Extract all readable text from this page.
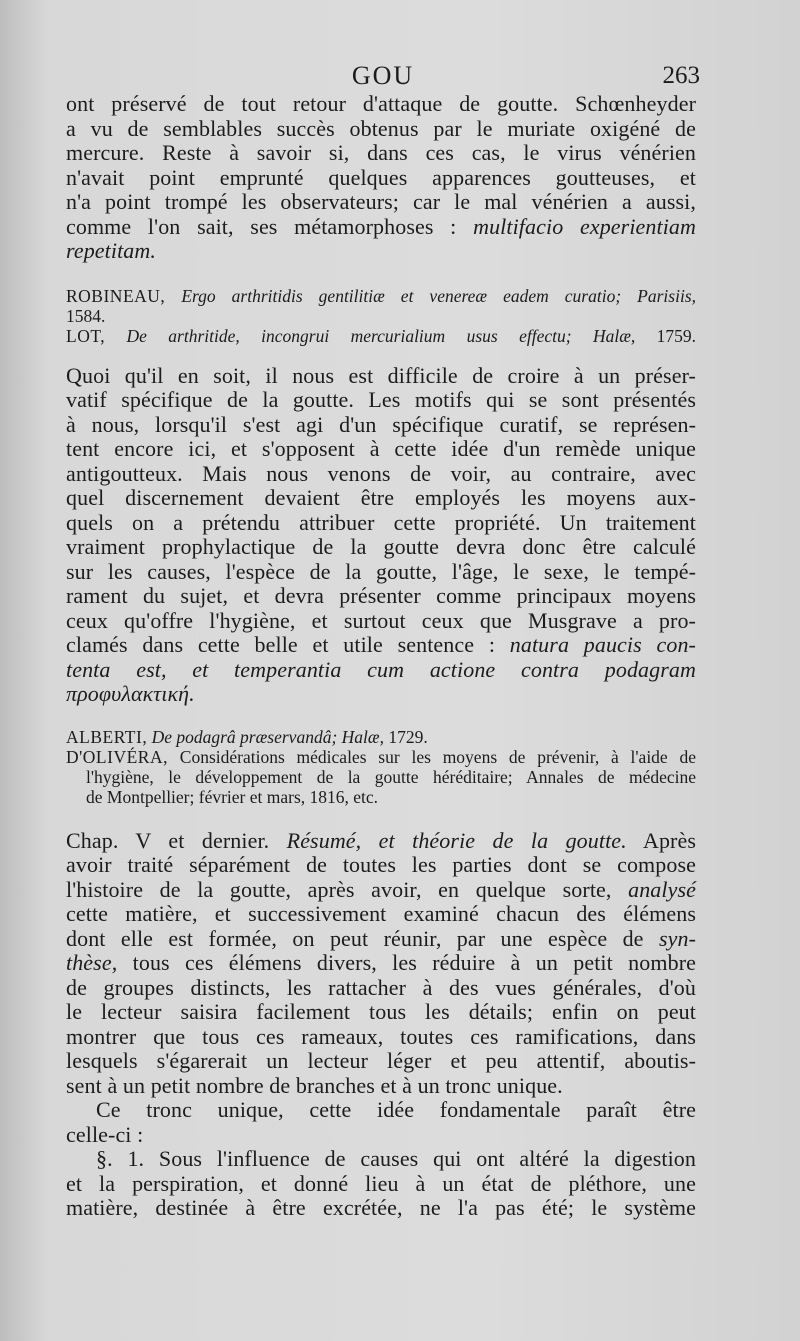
GOU	263
ont préservé de tout retour d'attaque de goutte. Schœnheyder
a vu de semblables succès obtenus par le muriate oxigéné de
mercure. Reste à savoir si, dans ces cas, le virus vénérien
n'avait point emprunté quelques apparences goutteuses, et
n'a point trompé les observateurs; car le mal vénérien a aussi,
comme l'on sait, ses métamorphoses : multifacio experientiam
repetitam.
ROBINEAU, Ergo arthritidis gentilitiæ et venereæ eadem curatio; Parisiis,
1584.
LOT, De arthritide, incongrui mercurialium usus effectu; Halæ, 1759.
Quoi qu'il en soit, il nous est difficile de croire à un préser-
vatif spécifique de la goutte. Les motifs qui se sont présentés
à nous, lorsqu'il s'est agi d'un spécifique curatif, se représen-
tent encore ici, et s'opposent à cette idée d'un remède unique
antigoutteux. Mais nous venons de voir, au contraire, avec
quel discernement devaient être employés les moyens aux-
quels on a prétendu attribuer cette propriété. Un traitement
vraiment prophylactique de la goutte devra donc être calculé
sur les causes, l'espèce de la goutte, l'âge, le sexe, le tempé-
rament du sujet, et devra présenter comme principaux moyens
ceux qu'offre l'hygiène, et surtout ceux que Musgrave a pro-
clamés dans cette belle et utile sentence : natura paucis con-
tenta est, et temperantia cum actione contra podagram
προφυλακτική.
ALBERTI, De podagrâ præservandâ; Halæ, 1729.
D'OLIVÉRA, Considérations médicales sur les moyens de prévenir, à l'aide de
l'hygiène, le développement de la goutte héréditaire; Annales de médecine
de Montpellier; février et mars, 1816, etc.
Chap. V et dernier. Résumé, et théorie de la goutte. Après
avoir traité séparément de toutes les parties dont se compose
l'histoire de la goutte, après avoir, en quelque sorte, analysé
cette matière, et successivement examiné chacun des élémens
dont elle est formée, on peut réunir, par une espèce de syn-
thèse, tous ces élémens divers, les réduire à un petit nombre
de groupes distincts, les rattacher à des vues générales, d'où
le lecteur saisira facilement tous les détails; enfin on peut
montrer que tous ces rameaux, toutes ces ramifications, dans
lesquels s'égarerait un lecteur léger et peu attentif, aboutis-
sent à un petit nombre de branches et à un tronc unique.
Ce tronc unique, cette idée fondamentale paraît être
celle-ci :
§. 1. Sous l'influence de causes qui ont altéré la digestion
et la perspiration, et donné lieu à un état de pléthore, une
matière, destinée à être excrétée, ne l'a pas été; le système
